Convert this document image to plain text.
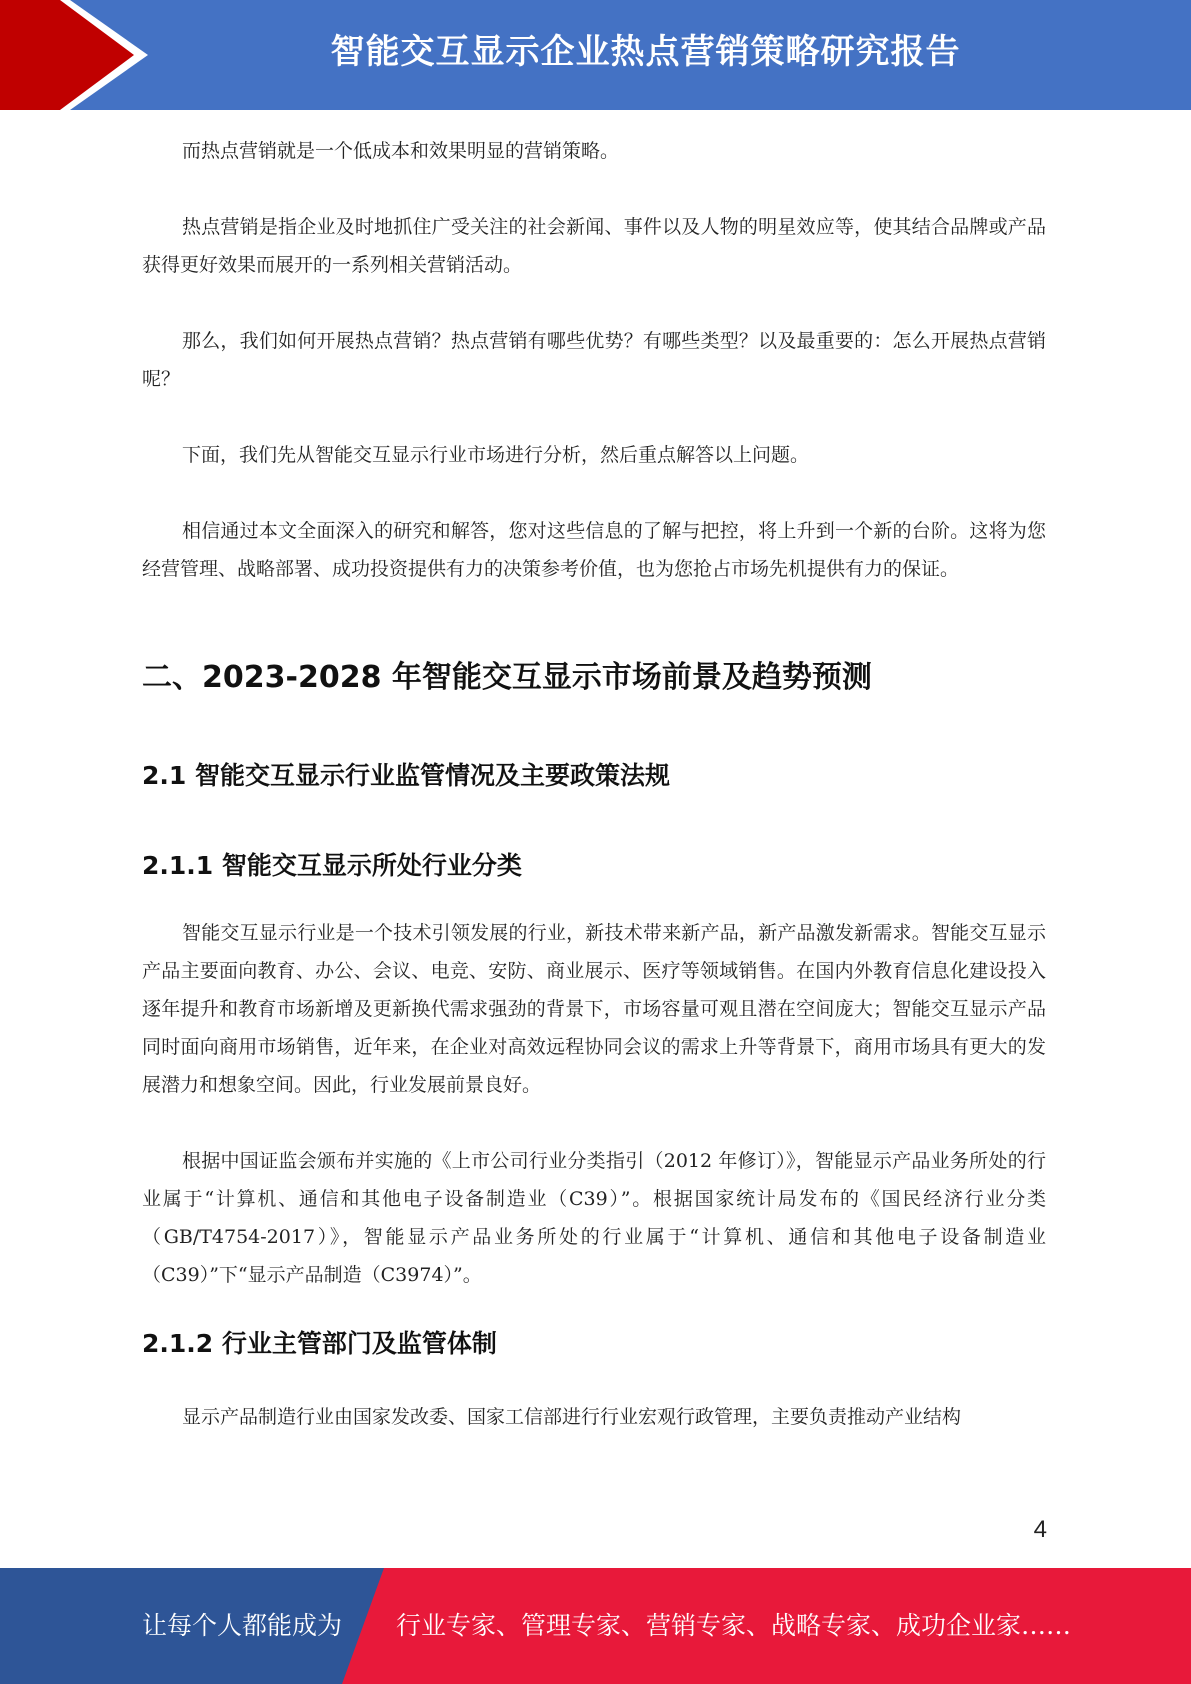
智能交互显示企业热点营销策略研究报告

而热点营销就是一个低成本和效果明显的营销策略。

热点营销是指企业及时地抓住广受关注的社会新闻、事件以及人物的明星效应等，使其结合品牌或产品获得更好效果而展开的一系列相关营销活动。

那么，我们如何开展热点营销？热点营销有哪些优势？有哪些类型？以及最重要的：怎么开展热点营销呢？

下面，我们先从智能交互显示行业市场进行分析，然后重点解答以上问题。

相信通过本文全面深入的研究和解答，您对这些信息的了解与把控，将上升到一个新的台阶。这将为您经营管理、战略部署、成功投资提供有力的决策参考价值，也为您抢占市场先机提供有力的保证。

二、2023-2028 年智能交互显示市场前景及趋势预测
2.1 智能交互显示行业监管情况及主要政策法规
2.1.1 智能交互显示所处行业分类

智能交互显示行业是一个技术引领发展的行业，新技术带来新产品，新产品激发新需求。智能交互显示产品主要面向教育、办公、会议、电竞、安防、商业展示、医疗等领域销售。在国内外教育信息化建设投入逐年提升和教育市场新增及更新换代需求强劲的背景下，市场容量可观且潜在空间庞大；智能交互显示产品同时面向商用市场销售，近年来，在企业对高效远程协同会议的需求上升等背景下，商用市场具有更大的发展潜力和想象空间。因此，行业发展前景良好。

根据中国证监会颁布并实施的《上市公司行业分类指引（2012 年修订）》，智能显示产品业务所处的行业属于“计算机、通信和其他电子设备制造业（C39）”。根据国家统计局发布的《国民经济行业分类（GB/T4754-2017）》，智能显示产品业务所处的行业属于“计算机、通信和其他电子设备制造业（C39）”下“显示产品制造（C3974）”。

2.1.2 行业主管部门及监管体制

显示产品制造行业由国家发改委、国家工信部进行行业宏观行政管理，主要负责推动产业结构

4
让每个人都能成为 行业专家、管理专家、营销专家、战略专家、成功企业家……
